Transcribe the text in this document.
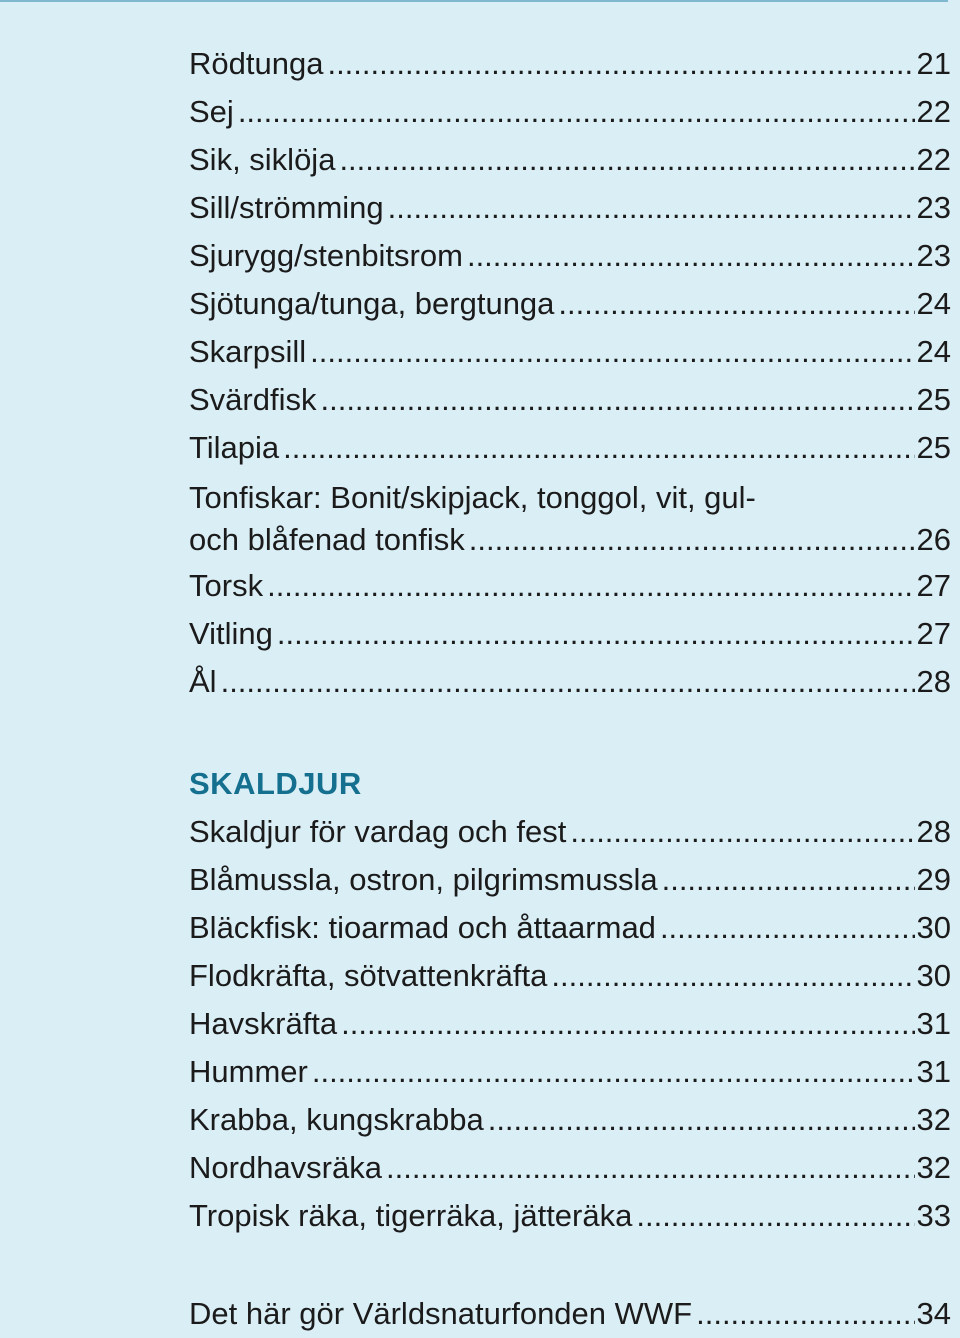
Rödtunga .....	21
Sej .....	22
Sik, siklöja .....	22
Sill/strömming .....	23
Sjurygg/stenbitsrom .....	23
Sjötunga/tunga, bergtunga .....	24
Skarpsill .....	24
Svärdfisk .....	25
Tilapia .....	25
Tonfiskar: Bonit/skipjack, tonggol, vit, gul-
och blåfenad tonfisk .....	26
Torsk .....	27
Vitling .....	27
Ål .....	28
SKALDJUR
Skaldjur för vardag och fest .....	28
Blåmussla, ostron, pilgrimsmussla .....	29
Bläckfisk: tioarmad och åttaarmad .....	30
Flodkräfta, sötvattenkräfta .....	30
Havskräfta .....	31
Hummer .....	31
Krabba, kungskrabba .....	32
Nordhavsräka .....	32
Tropisk räka, tigerräka, jätteräka .....	33
Det här gör Världsnaturfonden WWF .....	34
